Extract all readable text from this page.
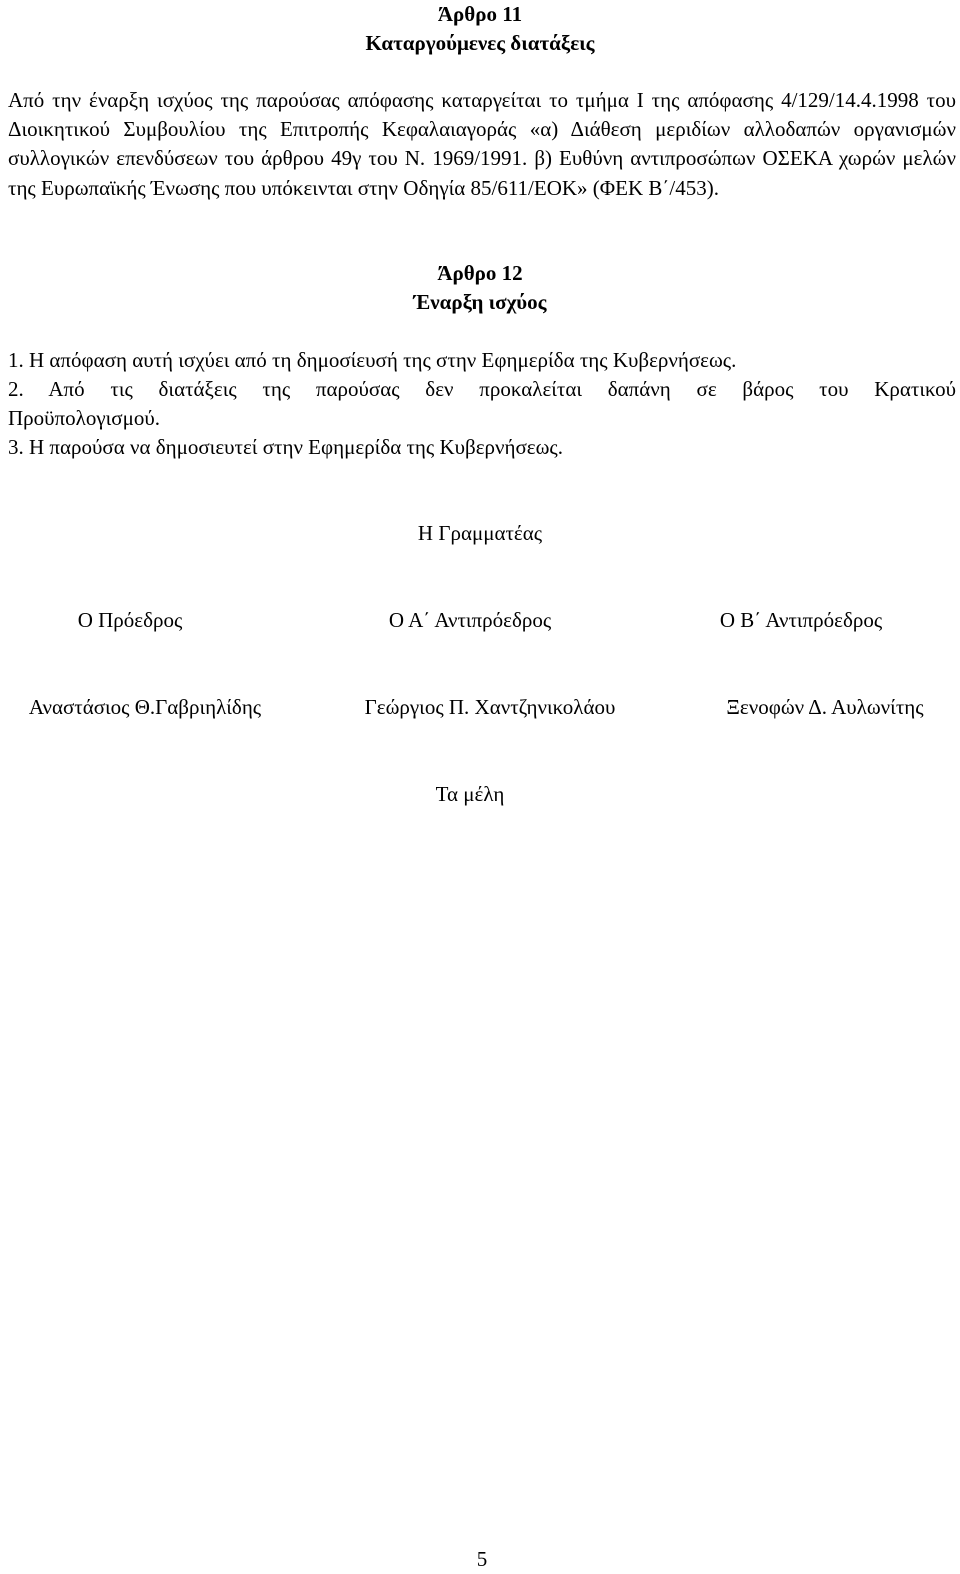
Άρθρο 11

Καταργούμενες διατάξεις

Από την έναρξη ισχύος της παρούσας απόφασης καταργείται το τμήμα Ι της απόφασης 4/129/14.4.1998 του Διοικητικού Συμβουλίου της Επιτροπής Κεφαλαιαγοράς «α) Διάθεση μεριδίων αλλοδαπών οργανισμών συλλογικών επενδύσεων του άρθρου 49γ του Ν. 1969/1991. β) Ευθύνη αντιπροσώπων ΟΣΕΚΑ χωρών μελών της Ευρωπαϊκής Ένωσης που υπόκεινται στην Οδηγία 85/611/ΕΟΚ» (ΦΕΚ Β΄/453).

Άρθρο 12

Έναρξη ισχύος

1. Η απόφαση αυτή ισχύει από τη δημοσίευσή της στην Εφημερίδα της Κυβερνήσεως.

2. Από τις διατάξεις της παρούσας δεν προκαλείται δαπάνη σε βάρος του Κρατικού

Προϋπολογισμού.

3. Η παρούσα να δημοσιευτεί στην Εφημερίδα της Κυβερνήσεως.

Η Γραμματέας

Ο Πρόεδρος	Ο Α΄ Αντιπρόεδρος	Ο Β΄ Αντιπρόεδρος

Αναστάσιος Θ.Γαβριηλίδης	Γεώργιος Π. Χαντζηνικολάου	Ξενοφών Δ. Αυλωνίτης

Τα μέλη

5
